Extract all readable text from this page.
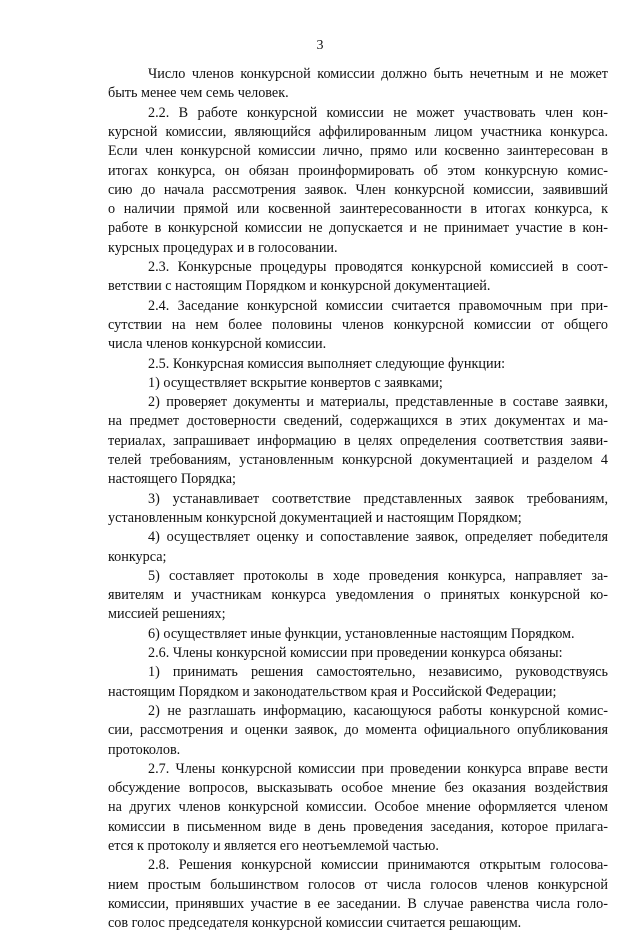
3
Число членов конкурсной комиссии должно быть нечетным и не может
быть менее чем семь человек.
2.2. В работе конкурсной комиссии не может участвовать член кон-
курсной комиссии, являющийся аффилированным лицом участника конкурса.
Если член конкурсной комиссии лично, прямо или косвенно заинтересован в
итогах конкурса, он обязан проинформировать об этом конкурсную комис-
сию до начала рассмотрения заявок. Член конкурсной комиссии, заявивший
о наличии прямой или косвенной заинтересованности в итогах конкурса, к
работе в конкурсной комиссии не допускается и не принимает участие в кон-
курсных процедурах и в голосовании.
2.3. Конкурсные процедуры проводятся конкурсной комиссией в соот-
ветствии с настоящим Порядком и конкурсной документацией.
2.4. Заседание конкурсной комиссии считается правомочным при при-
сутствии на нем более половины членов конкурсной комиссии от общего
числа членов конкурсной комиссии.
2.5. Конкурсная комиссия выполняет следующие функции:
1) осуществляет вскрытие конвертов с заявками;
2) проверяет документы и материалы, представленные в составе заявки,
на предмет достоверности сведений, содержащихся в этих документах и ма-
териалах, запрашивает информацию в целях определения соответствия заяви-
телей требованиям, установленным конкурсной документацией и разделом 4
настоящего Порядка;
3) устанавливает соответствие представленных заявок требованиям,
установленным конкурсной документацией и настоящим Порядком;
4) осуществляет оценку и сопоставление заявок, определяет победителя
конкурса;
5) составляет протоколы в ходе проведения конкурса, направляет за-
явителям и участникам конкурса уведомления о принятых конкурсной ко-
миссией решениях;
6) осуществляет иные функции, установленные настоящим Порядком.
2.6. Члены конкурсной комиссии при проведении конкурса обязаны:
1) принимать решения самостоятельно, независимо, руководствуясь
настоящим Порядком и законодательством края и Российской Федерации;
2) не разглашать информацию, касающуюся работы конкурсной комис-
сии, рассмотрения и оценки заявок, до момента официального опубликования
протоколов.
2.7. Члены конкурсной комиссии при проведении конкурса вправе вести
обсуждение вопросов, высказывать особое мнение без оказания воздействия
на других членов конкурсной комиссии. Особое мнение оформляется членом
комиссии в письменном виде в день проведения заседания, которое прилага-
ется к протоколу и является его неотъемлемой частью.
2.8. Решения конкурсной комиссии принимаются открытым голосова-
нием простым большинством голосов от числа голосов членов конкурсной
комиссии, принявших участие в ее заседании. В случае равенства числа голо-
сов голос председателя конкурсной комиссии считается решающим.
